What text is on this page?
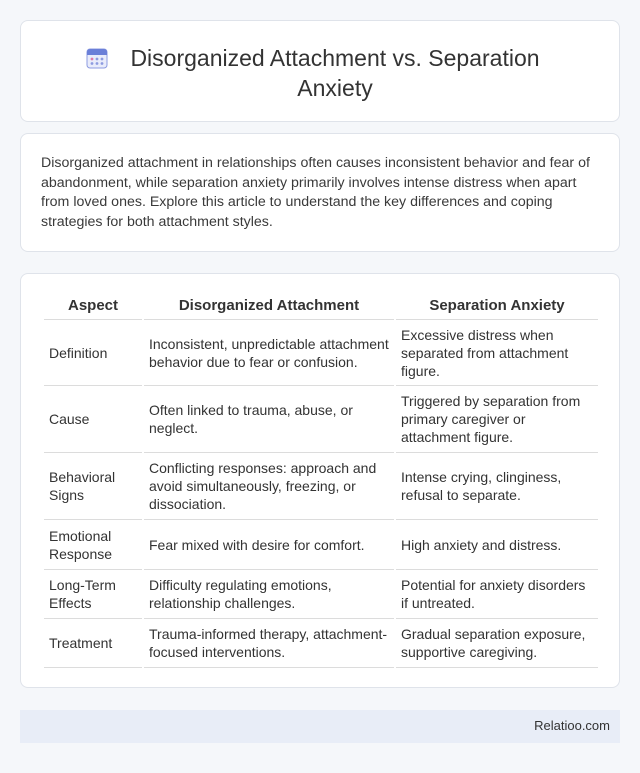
Disorganized Attachment vs. Separation Anxiety

Disorganized attachment in relationships often causes inconsistent behavior and fear of abandonment, while separation anxiety primarily involves intense distress when apart from loved ones. Explore this article to understand the key differences and coping strategies for both attachment styles.

Aspect	Disorganized Attachment	Separation Anxiety
Definition	Inconsistent, unpredictable attachment behavior due to fear or confusion.	Excessive distress when separated from attachment figure.
Cause	Often linked to trauma, abuse, or neglect.	Triggered by separation from primary caregiver or attachment figure.
Behavioral Signs	Conflicting responses: approach and avoid simultaneously, freezing, or dissociation.	Intense crying, clinginess, refusal to separate.
Emotional Response	Fear mixed with desire for comfort.	High anxiety and distress.
Long-Term Effects	Difficulty regulating emotions, relationship challenges.	Potential for anxiety disorders if untreated.
Treatment	Trauma-informed therapy, attachment-focused interventions.	Gradual separation exposure, supportive caregiving.
Relatioo.com
